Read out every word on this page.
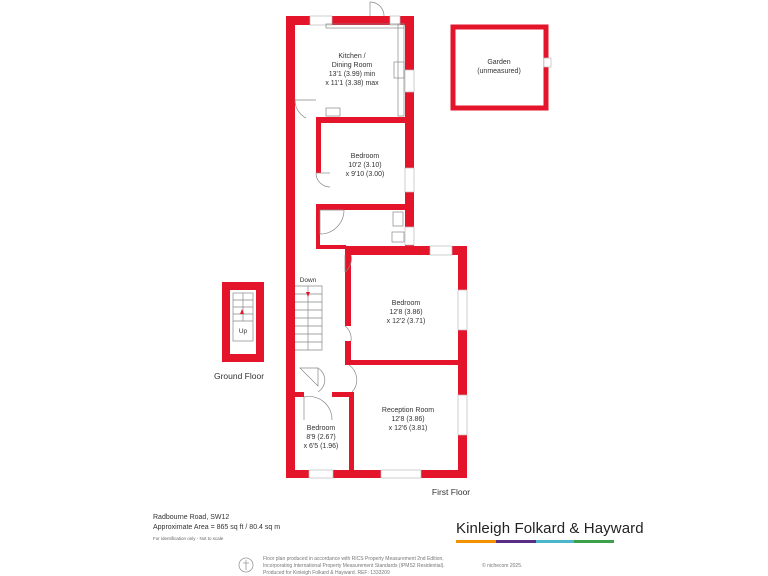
Kitchen /
Dining Room
13'1 (3.99) min
x 11'1 (3.38) max
Bedroom
10'2 (3.10)
x 9'10 (3.00)
Bedroom
12'8 (3.86)
x 12'2 (3.71)
Reception Room
12'8 (3.86)
x 12'6 (3.81)
Bedroom
8'9 (2.67)
x 6'5 (1.96)
Garden
(unmeasured)
Down
Up
Ground Floor
First Floor
Radbourne Road, SW12
Approximate Area = 865 sq ft / 80.4 sq m
For identification only - Not to scale
Floor plan produced in accordance with RICS Property Measurement 2nd Edition,
Incorporating International Property Measurement Standards (IPMS2 Residential).	© nichecom 2025.
Produced for Kinleigh Folkard & Hayward. REF: 1333209
Kinleigh Folkard & Hayward
